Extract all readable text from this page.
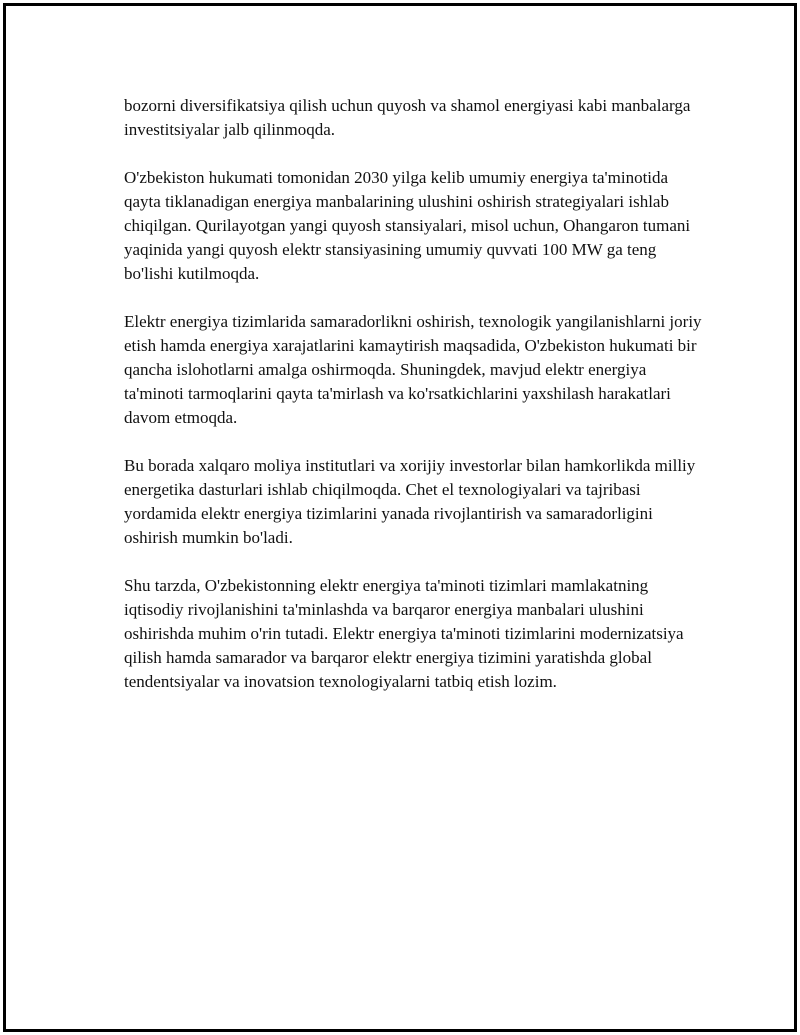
bozorni diversifikatsiya qilish uchun quyosh va shamol energiyasi kabi manbalarga investitsiyalar jalb qilinmoqda.

O'zbekiston hukumati tomonidan 2030 yilga kelib umumiy energiya ta'minotida qayta tiklanadigan energiya manbalarining ulushini oshirish strategiyalari ishlab chiqilgan. Qurilayotgan yangi quyosh stansiyalari, misol uchun, Ohangaron tumani yaqinida yangi quyosh elektr stansiyasining umumiy quvvati 100 MW ga teng bo'lishi kutilmoqda.

Elektr energiya tizimlarida samaradorlikni oshirish, texnologik yangilanishlarni joriy etish hamda energiya xarajatlarini kamaytirish maqsadida, O'zbekiston hukumati bir qancha islohotlarni amalga oshirmoqda. Shuningdek, mavjud elektr energiya ta'minoti tarmoqlarini qayta ta'mirlash va ko'rsatkichlarini yaxshilash harakatlari davom etmoqda.

Bu borada xalqaro moliya institutlari va xorijiy investorlar bilan hamkorlikda milliy energetika dasturlari ishlab chiqilmoqda. Chet el texnologiyalari va tajribasi yordamida elektr energiya tizimlarini yanada rivojlantirish va samaradorligini oshirish mumkin bo'ladi.

Shu tarzda, O'zbekistonning elektr energiya ta'minoti tizimlari mamlakatning iqtisodiy rivojlanishini ta'minlashda va barqaror energiya manbalari ulushini oshirishda muhim o'rin tutadi. Elektr energiya ta'minoti tizimlarini modernizatsiya qilish hamda samarador va barqaror elektr energiya tizimini yaratishda global tendentsiyalar va inovatsion texnologiyalarni tatbiq etish lozim.
